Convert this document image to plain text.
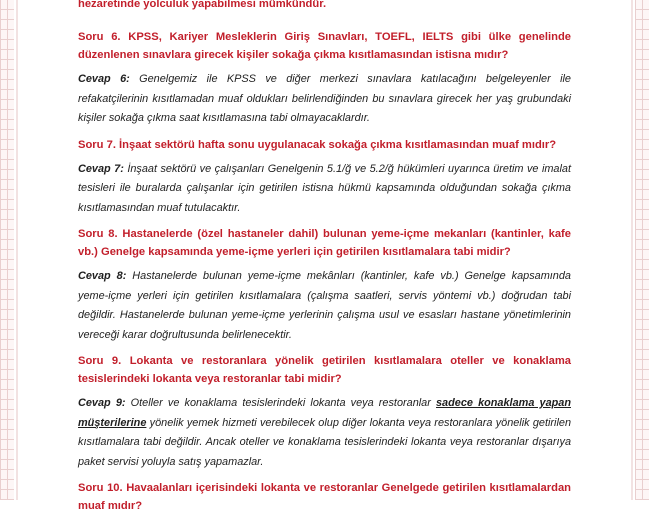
hezaretinde yolculuk yapabilmesi mümkündür.

Soru 6. KPSS, Kariyer Mesleklerin Giriş Sınavları, TOEFL, IELTS gibi ülke genelinde düzenlenen sınavlara girecek kişiler sokağa çıkma kısıtlamasından istisna mıdır?

Cevap 6: Genelgemiz ile KPSS ve diğer merkezi sınavlara katılacağını belgeleyenler ile refakatçilerinin kısıtlamadan muaf oldukları belirlendiğinden bu sınavlara girecek her yaş grubundaki kişiler sokağa çıkma saat kısıtlamasına tabi olmayacaklardır.

Soru 7. İnşaat sektörü hafta sonu uygulanacak sokağa çıkma kısıtlamasından muaf mıdır?

Cevap 7: İnşaat sektörü ve çalışanları Genelgenin 5.1/ğ ve 5.2/ğ hükümleri uyarınca üretim ve imalat tesisleri ile buralarda çalışanlar için getirilen istisna hükmü kapsamında olduğundan sokağa çıkma kısıtlamasından muaf tutulacaktır.

Soru 8. Hastanelerde (özel hastaneler dahil) bulunan yeme-içme mekanları (kantinler, kafe vb.) Genelge kapsamında yeme-içme yerleri için getirilen kısıtlamalara tabi midir?

Cevap 8: Hastanelerde bulunan yeme-içme mekânları (kantinler, kafe vb.) Genelge kapsamında yeme-içme yerleri için getirilen kısıtlamalara (çalışma saatleri, servis yöntemi vb.) doğrudan tabi değildir. Hastanelerde bulunan yeme-içme yerlerinin çalışma usul ve esasları hastane yönetimlerinin vereceği karar doğrultusunda belirlenecektir.

Soru 9. Lokanta ve restoranlara yönelik getirilen kısıtlamalara oteller ve konaklama tesislerindeki lokanta veya restoranlar tabi midir?

Cevap 9: Oteller ve konaklama tesislerindeki lokanta veya restoranlar sadece konaklama yapan müşterilerine yönelik yemek hizmeti verebilecek olup diğer lokanta veya restoranlara yönelik getirilen kısıtlamalara tabi değildir. Ancak oteller ve konaklama tesislerindeki lokanta veya restoranlar dışarıya paket servisi yoluyla satış yapamazlar.

Soru 10. Havaalanları içerisindeki lokanta ve restoranlar Genelgede getirilen kısıtlamalardan muaf mıdır?
